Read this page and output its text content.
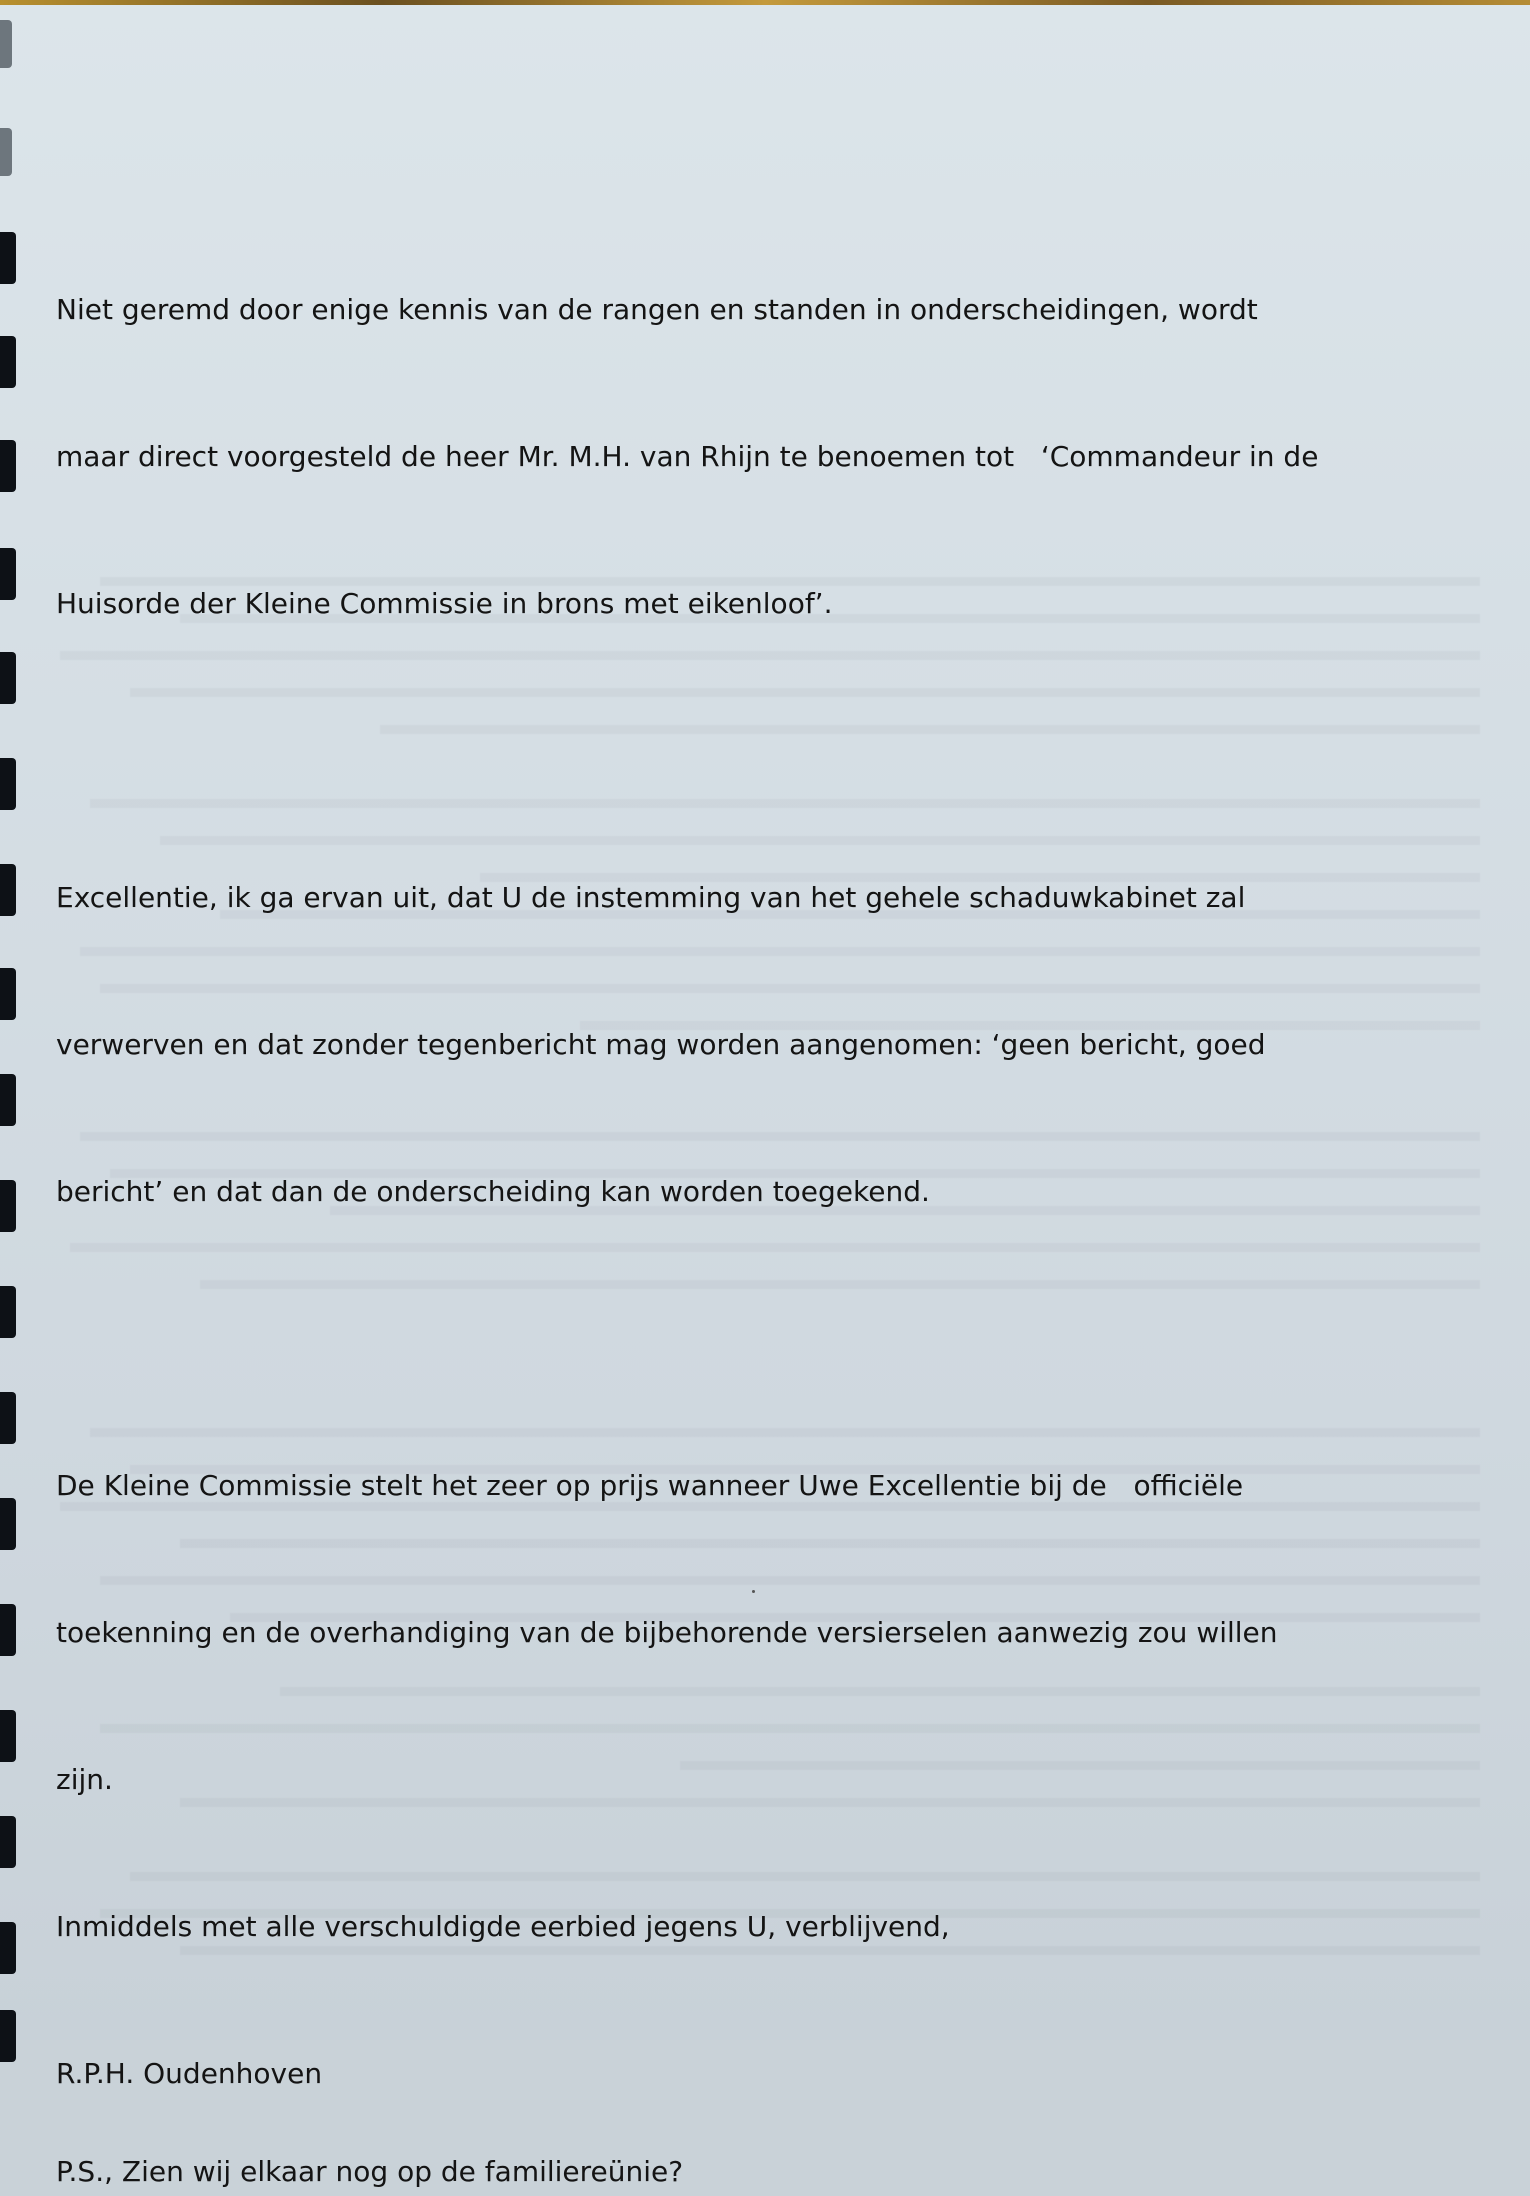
Niet geremd door enige kennis van de rangen en standen in onderscheidingen, wordt

maar direct voorgesteld de heer Mr. M.H. van Rhijn te benoemen tot   ‘Commandeur in de

Huisorde der Kleine Commissie in brons met eikenloof’.

Excellentie, ik ga ervan uit, dat U de instemming van het gehele schaduwkabinet zal

verwerven en dat zonder tegenbericht mag worden aangenomen: ‘geen bericht, goed

bericht’ en dat dan de onderscheiding kan worden toegekend.

De Kleine Commissie stelt het zeer op prijs wanneer Uwe Excellentie bij de   officiële

toekenning en de overhandiging van de bijbehorende versierselen aanwezig zou willen

zijn.

Inmiddels met alle verschuldigde eerbied jegens U, verblijvend,
R.P.H. Oudenhoven
P.S., Zien wij elkaar nog op de familiereünie?
